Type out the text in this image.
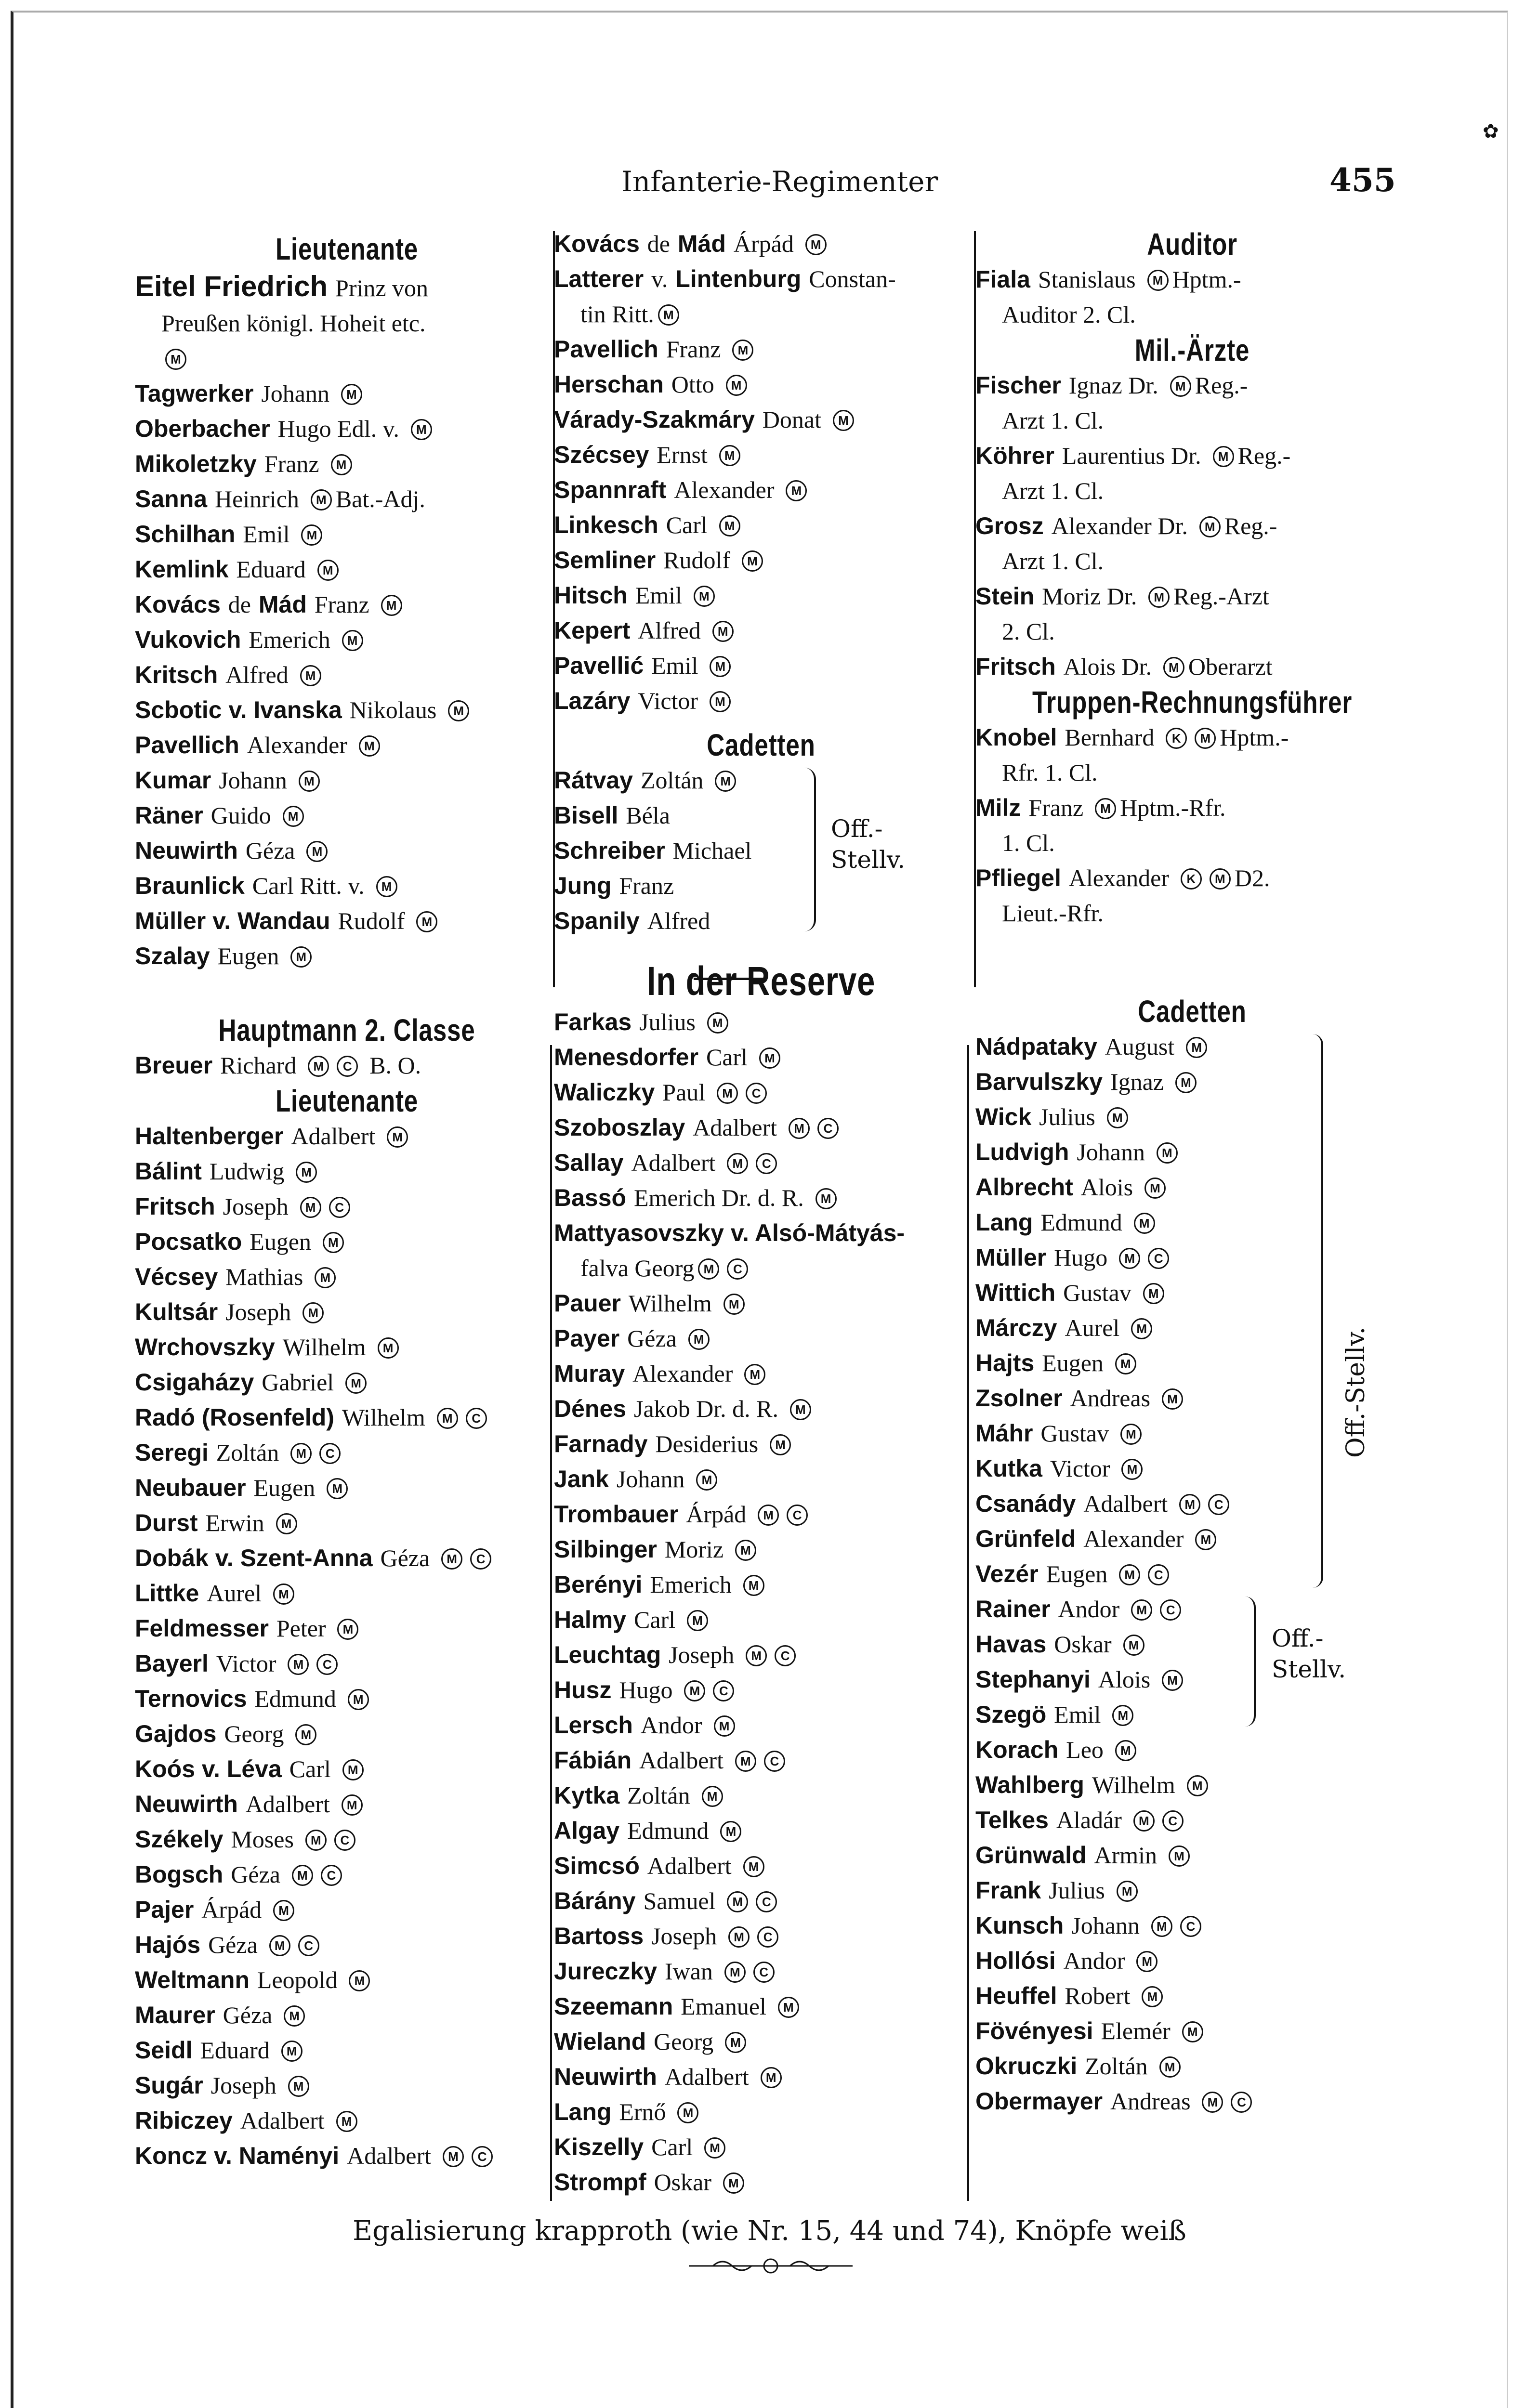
✿
Infanterie-Regimenter	455
Lieutenante
Eitel Friedrich Prinz von
Preußen königl. Hoheit etc.
M
Tagwerker Johann M
Oberbacher Hugo Edl. v. M
Mikoletzky Franz M
Sanna Heinrich M Bat.-Adj.
Schilhan Emil M
Kemlink Eduard M
Kovács de Mád Franz M
Vukovich Emerich M
Kritsch Alfred M
Scbotic v. Ivanska Nikolaus M
Pavellich Alexander M
Kumar Johann M
Räner Guido M
Neuwirth Géza M
Braunlick Carl Ritt. v. M
Müller v. Wandau Rudolf M
Szalay Eugen M
Hauptmann 2. Classe
Breuer Richard M C B. O.
Lieutenante
Haltenberger Adalbert M
Bálint Ludwig M
Fritsch Joseph M C
Pocsatko Eugen M
Vécsey Mathias M
Kultsár Joseph M
Wrchovszky Wilhelm M
Csigaházy Gabriel M
Radó (Rosenfeld) Wilhelm M C
Seregi Zoltán M C
Neubauer Eugen M
Durst Erwin M
Dobák v. Szent-Anna Géza M C
Littke Aurel M
Feldmesser Peter M
Bayerl Victor M C
Ternovics Edmund M
Gajdos Georg M
Koós v. Léva Carl M
Neuwirth Adalbert M
Székely Moses M C
Bogsch Géza M C
Pajer Árpád M
Hajós Géza M C
Weltmann Leopold M
Maurer Géza M
Seidl Eduard M
Sugár Joseph M
Ribiczey Adalbert M
Koncz v. Naményi Adalbert M C
Kovács de Mád Árpád M
Latterer v. Lintenburg Constan-
tin Ritt. M
Pavellich Franz M
Herschan Otto M
Várady-Szakmáry Donat M
Szécsey Ernst M
Spannraft Alexander M
Linkesch Carl M
Semliner Rudolf M
Hitsch Emil M
Kepert Alfred M
Pavellić Emil M
Lazáry Victor M
Cadetten
Rátvay Zoltán M
Bisell Béla
Schreiber Michael
Jung Franz
Spanily Alfred
Off.-
Stellv.
In der Reserve
Farkas Julius M
Menesdorfer Carl M
Waliczky Paul M C
Szoboszlay Adalbert M C
Sallay Adalbert M C
Bassó Emerich Dr. d. R. M
Mattyasovszky v. Alsó-Mátyás-
falva Georg M C
Pauer Wilhelm M
Payer Géza M
Muray Alexander M
Dénes Jakob Dr. d. R. M
Farnady Desiderius M
Jank Johann M
Trombauer Árpád M C
Silbinger Moriz M
Berényi Emerich M
Halmy Carl M
Leuchtag Joseph M C
Husz Hugo M C
Lersch Andor M
Fábián Adalbert M C
Kytka Zoltán M
Algay Edmund M
Simcsó Adalbert M
Bárány Samuel M C
Bartoss Joseph M C
Jureczky Iwan M C
Szeemann Emanuel M
Wieland Georg M
Neuwirth Adalbert M
Lang Ernő M
Kiszelly Carl M
Strompf Oskar M
Auditor
Fiala Stanislaus M Hptm.-
Auditor 2. Cl.
Mil.-Ärzte
Fischer Ignaz Dr. M Reg.-
Arzt 1. Cl.
Köhrer Laurentius Dr. M Reg.-
Arzt 1. Cl.
Grosz Alexander Dr. M Reg.-
Arzt 1. Cl.
Stein Moriz Dr. M Reg.-Arzt
2. Cl.
Fritsch Alois Dr. M Oberarzt
Truppen-Rechnungsführer
Knobel Bernhard K M Hptm.-
Rfr. 1. Cl.
Milz Franz M Hptm.-Rfr.
1. Cl.
Pfliegel Alexander K M D2.
Lieut.-Rfr.
Cadetten
Nádpataky August M
Barvulszky Ignaz M
Wick Julius M
Ludvigh Johann M
Albrecht Alois M
Lang Edmund M
Müller Hugo M C
Wittich Gustav M
Márczy Aurel M
Hajts Eugen M
Zsolner Andreas M
Máhr Gustav M
Kutka Victor M
Csanády Adalbert M C
Grünfeld Alexander M
Vezér Eugen M C
Off.-Stellv.
Rainer Andor M C
Havas Oskar M
Stephanyi Alois M
Szegö Emil M
Off.-
Stellv.
Korach Leo M
Wahlberg Wilhelm M
Telkes Aladár M C
Grünwald Armin M
Frank Julius M
Kunsch Johann M C
Hollósi Andor M
Heuffel Robert M
Fövényesi Elemér M
Okruczki Zoltán M
Obermayer Andreas M C
Egalisierung krapproth (wie Nr. 15, 44 und 74), Knöpfe weiß
